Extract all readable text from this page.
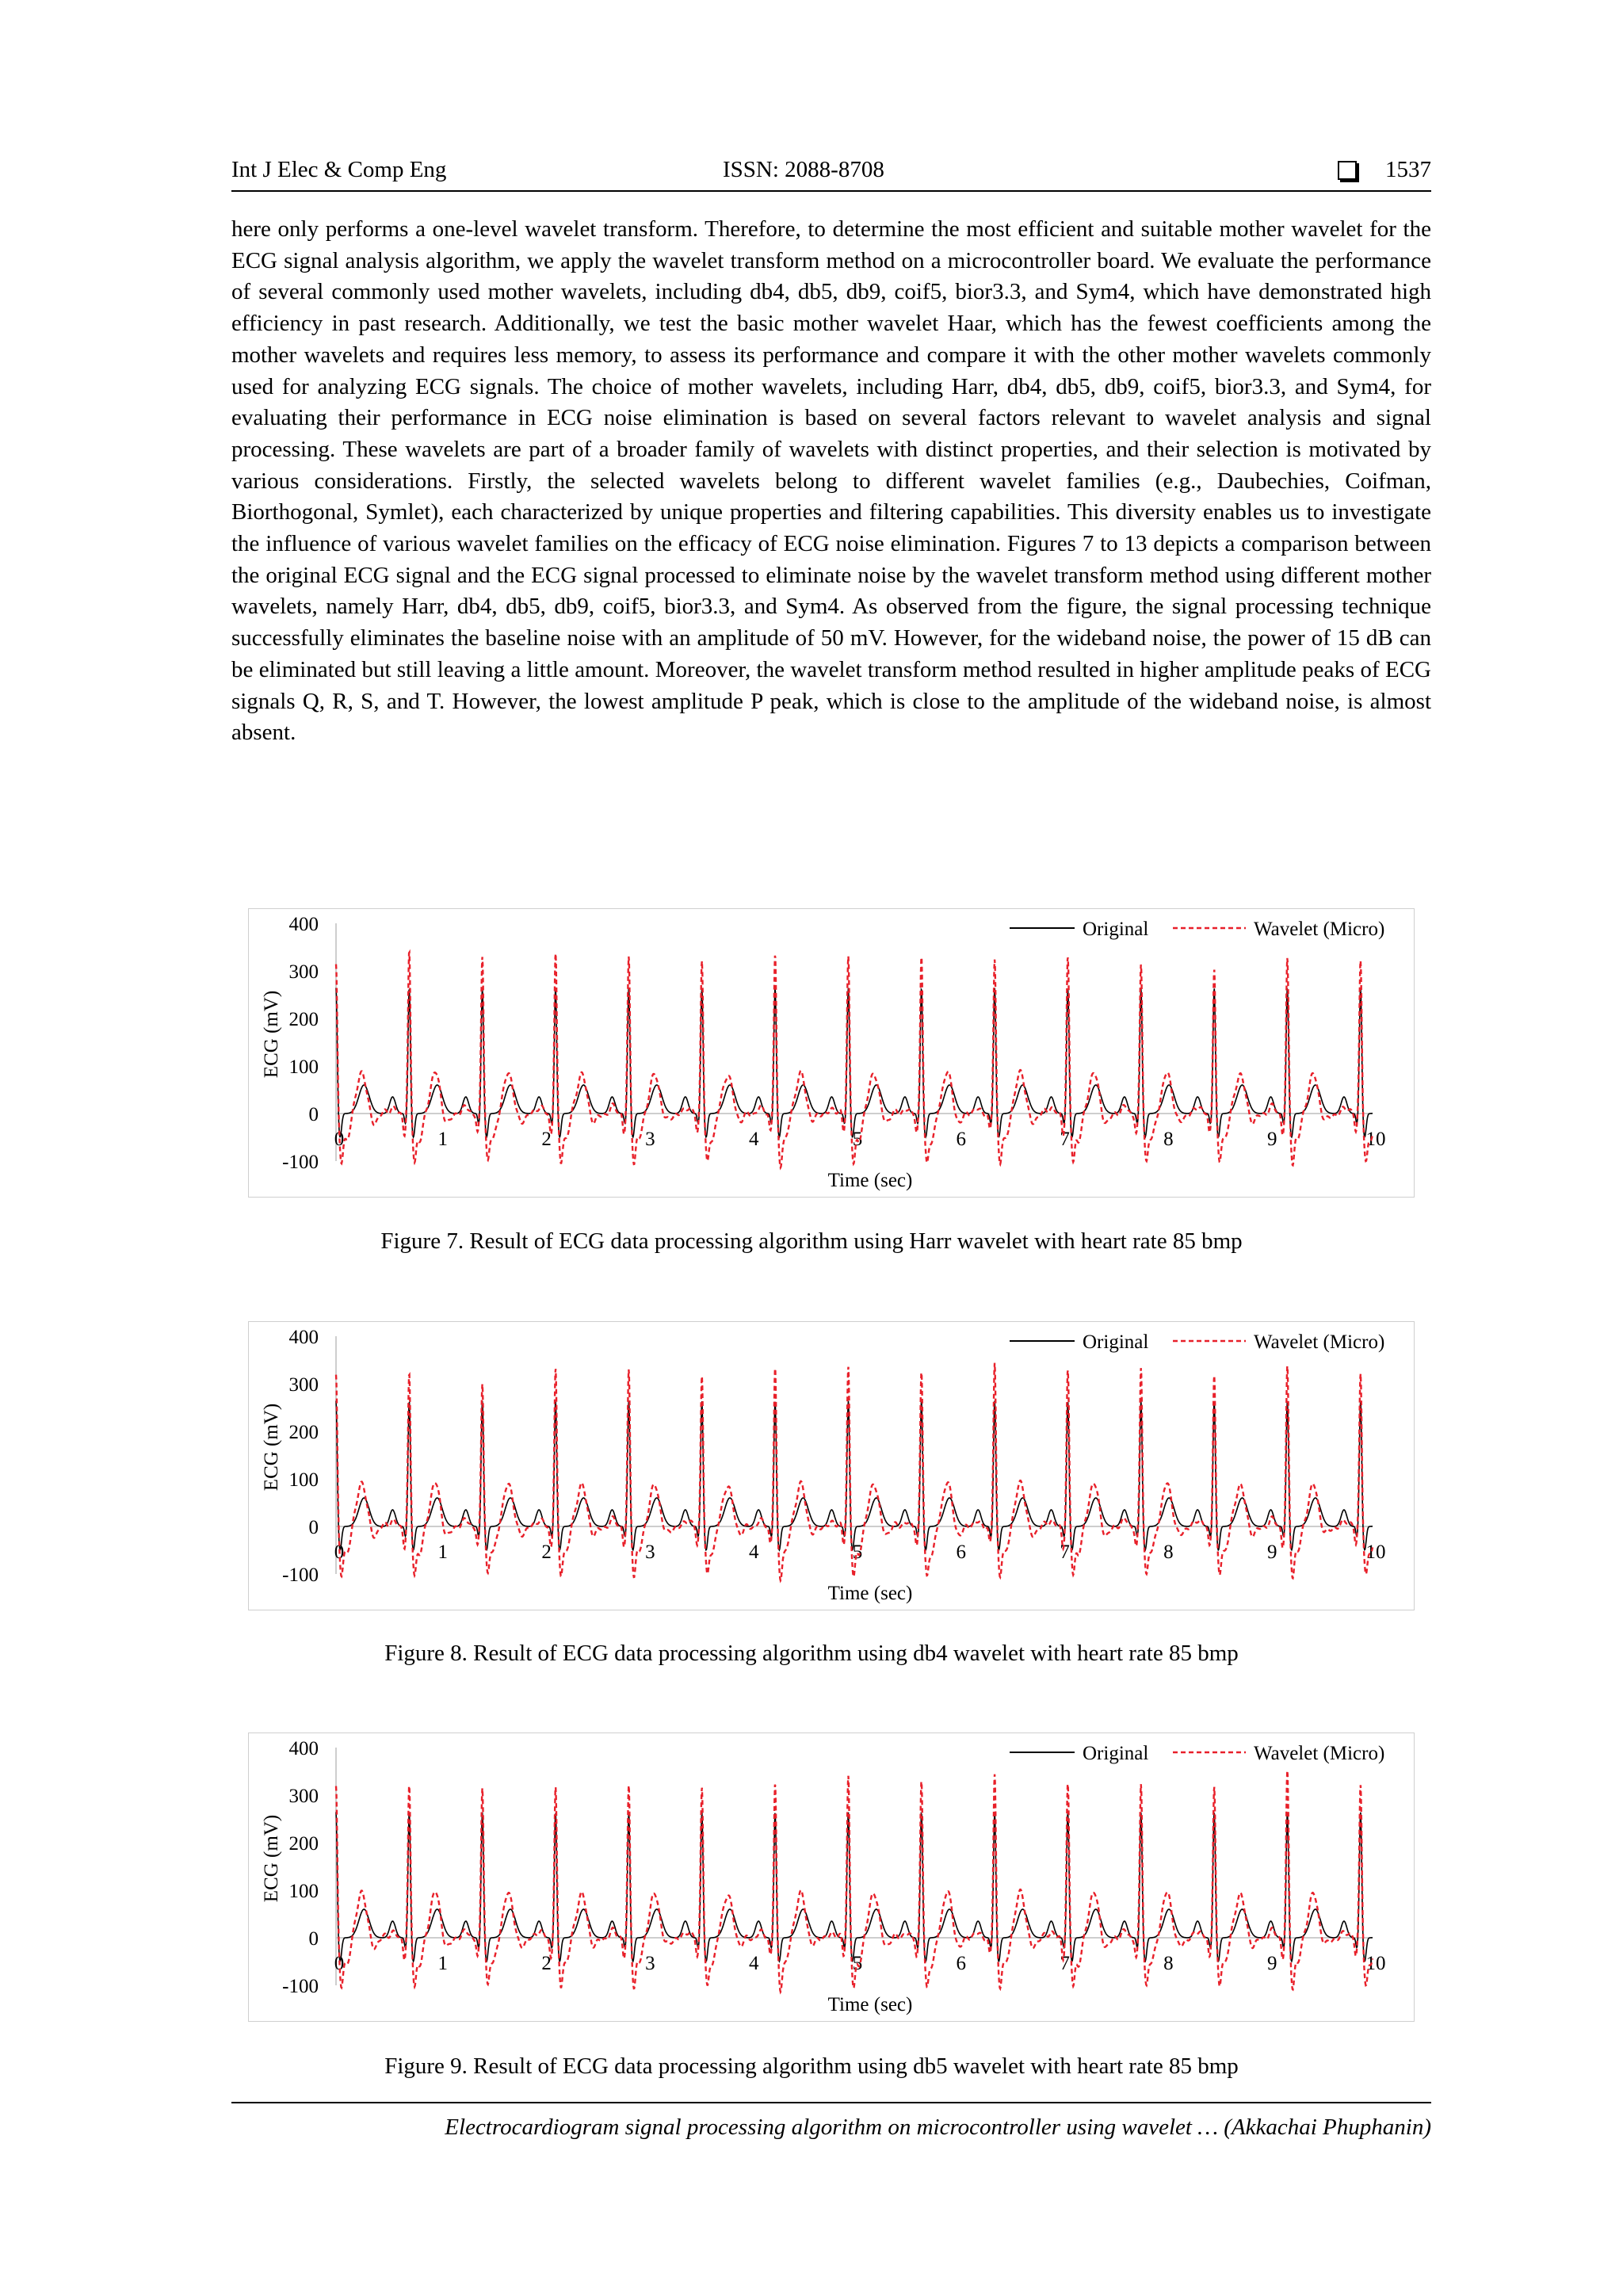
Int J Elec & Comp Eng	ISSN: 2088-8708	1537

here only performs a one-level wavelet transform. Therefore, to determine the most efficient and suitable mother wavelet for the ECG signal analysis algorithm, we apply the wavelet transform method on a microcontroller board. We evaluate the performance of several commonly used mother wavelets, including db4, db5, db9, coif5, bior3.3, and Sym4, which have demonstrated high efficiency in past research. Additionally, we test the basic mother wavelet Haar, which has the fewest coefficients among the mother wavelets and requires less memory, to assess its performance and compare it with the other mother wavelets commonly used for analyzing ECG signals. The choice of mother wavelets, including Harr, db4, db5, db9, coif5, bior3.3, and Sym4, for evaluating their performance in ECG noise elimination is based on several factors relevant to wavelet analysis and signal processing. These wavelets are part of a broader family of wavelets with distinct properties, and their selection is motivated by various considerations. Firstly, the selected wavelets belong to different wavelet families (e.g., Daubechies, Coifman, Biorthogonal, Symlet), each characterized by unique properties and filtering capabilities. This diversity enables us to investigate the influence of various wavelet families on the efficacy of ECG noise elimination. Figures 7 to 13 depicts a comparison between the original ECG signal and the ECG signal processed to eliminate noise by the wavelet transform method using different mother wavelets, namely Harr, db4, db5, db9, coif5, bior3.3, and Sym4. As observed from the figure, the signal processing technique successfully eliminates the baseline noise with an amplitude of 50 mV. However, for the wideband noise, the power of 15 dB can be eliminated but still leaving a little amount. Moreover, the wavelet transform method resulted in higher amplitude peaks of ECG signals Q, R, S, and T. However, the lowest amplitude P peak, which is close to the amplitude of the wideband noise, is almost absent.

400
300
200
100
0
-100
0	1	2	3	4	5	6	7	8	9	10
Time (sec)
ECG (mV)
Original	Wavelet (Micro)
Figure 7. Result of ECG data processing algorithm using Harr wavelet with heart rate 85 bmp
400
300
200
100
0
-100
0	1	2	3	4	5	6	7	8	9	10
Time (sec)
ECG (mV)
Original	Wavelet (Micro)
Figure 8. Result of ECG data processing algorithm using db4 wavelet with heart rate 85 bmp
400
300
200
100
0
-100
0	1	2	3	4	5	6	7	8	9	10
Time (sec)
ECG (mV)
Original	Wavelet (Micro)
Figure 9. Result of ECG data processing algorithm using db5 wavelet with heart rate 85 bmp
Electrocardiogram signal processing algorithm on microcontroller using wavelet … (Akkachai Phuphanin)
